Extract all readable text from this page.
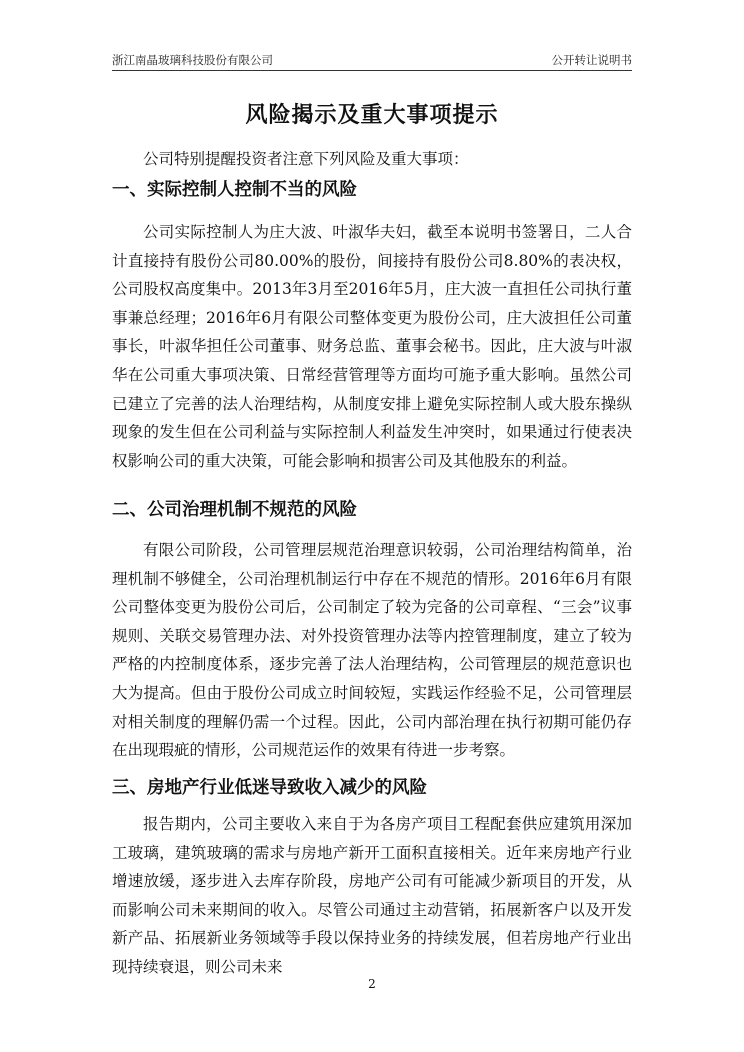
浙江南晶玻璃科技股份有限公司	公开转让说明书
风险揭示及重大事项提示

公司特别提醒投资者注意下列风险及重大事项：

一、实际控制人控制不当的风险

公司实际控制人为庄大波、叶淑华夫妇，截至本说明书签署日，二人合计直接持有股份公司80.00%的股份，间接持有股份公司8.80%的表决权，公司股权高度集中。2013年3月至2016年5月，庄大波一直担任公司执行董事兼总经理；2016年6月有限公司整体变更为股份公司，庄大波担任公司董事长，叶淑华担任公司董事、财务总监、董事会秘书。因此，庄大波与叶淑华在公司重大事项决策、日常经营管理等方面均可施予重大影响。虽然公司已建立了完善的法人治理结构，从制度安排上避免实际控制人或大股东操纵现象的发生但在公司利益与实际控制人利益发生冲突时，如果通过行使表决权影响公司的重大决策，可能会影响和损害公司及其他股东的利益。

二、公司治理机制不规范的风险

有限公司阶段，公司管理层规范治理意识较弱，公司治理结构简单，治理机制不够健全，公司治理机制运行中存在不规范的情形。2016年6月有限公司整体变更为股份公司后，公司制定了较为完备的公司章程、“三会”议事规则、关联交易管理办法、对外投资管理办法等内控管理制度，建立了较为严格的内控制度体系，逐步完善了法人治理结构，公司管理层的规范意识也大为提高。但由于股份公司成立时间较短，实践运作经验不足，公司管理层对相关制度的理解仍需一个过程。因此，公司内部治理在执行初期可能仍存在出现瑕疵的情形，公司规范运作的效果有待进一步考察。

三、房地产行业低迷导致收入减少的风险

报告期内，公司主要收入来自于为各房产项目工程配套供应建筑用深加工玻璃，建筑玻璃的需求与房地产新开工面积直接相关。近年来房地产行业增速放缓，逐步进入去库存阶段，房地产公司有可能减少新项目的开发，从而影响公司未来期间的收入。尽管公司通过主动营销，拓展新客户以及开发新产品、拓展新业务领域等手段以保持业务的持续发展，但若房地产行业出现持续衰退，则公司未来

2
